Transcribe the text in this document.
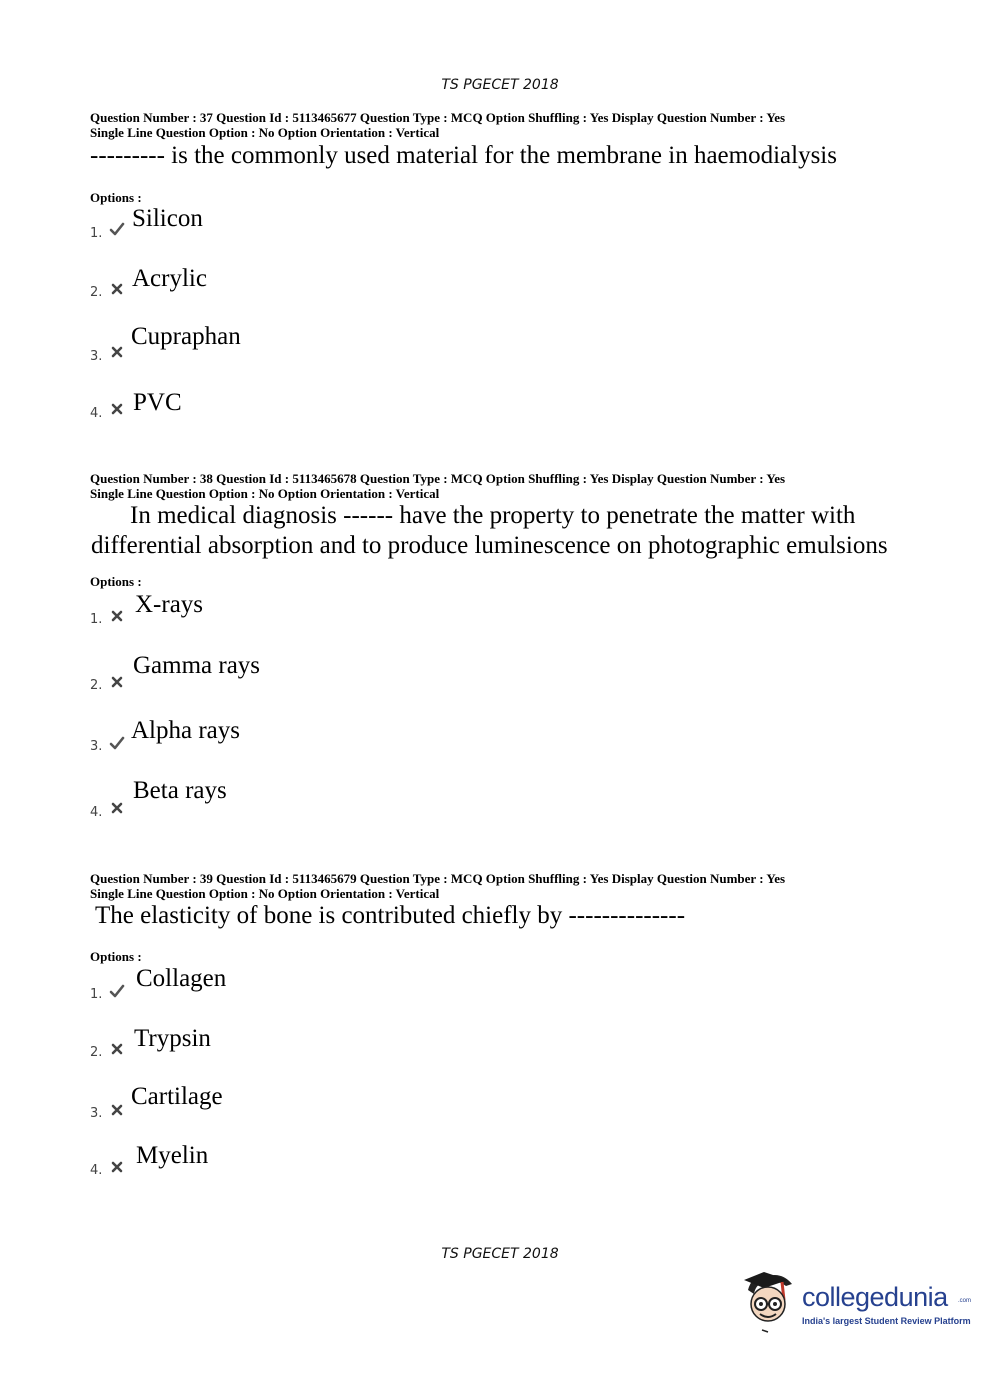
TS PGECET 2018
Question Number : 37 Question Id : 5113465677 Question Type : MCQ Option Shuffling : Yes Display Question Number : Yes
Single Line Question Option : No Option Orientation : Vertical
--------- is the commonly used material for the membrane in haemodialysis
Options :
1.
Silicon
2.
Acrylic
3.
Cupraphan
4. PVC
Question Number : 38 Question Id : 5113465678 Question Type : MCQ Option Shuffling : Yes Display Question Number : Yes
Single Line Question Option : No Option Orientation : Vertical
In medical diagnosis ------ have the property to penetrate the matter with
differential absorption and to produce luminescence on photographic emulsions
Options :
1.
X-rays
2.
Gamma rays
3.
Alpha rays
4.
Beta rays
Question Number : 39 Question Id : 5113465679 Question Type : MCQ Option Shuffling : Yes Display Question Number : Yes
Single Line Question Option : No Option Orientation : Vertical
The elasticity of bone is contributed chiefly by --------------
Options :
1.
Collagen
2.
Trypsin
3.
Cartilage
4.
Myelin
TS PGECET 2018
collegedunia .com
India's largest Student Review Platform
